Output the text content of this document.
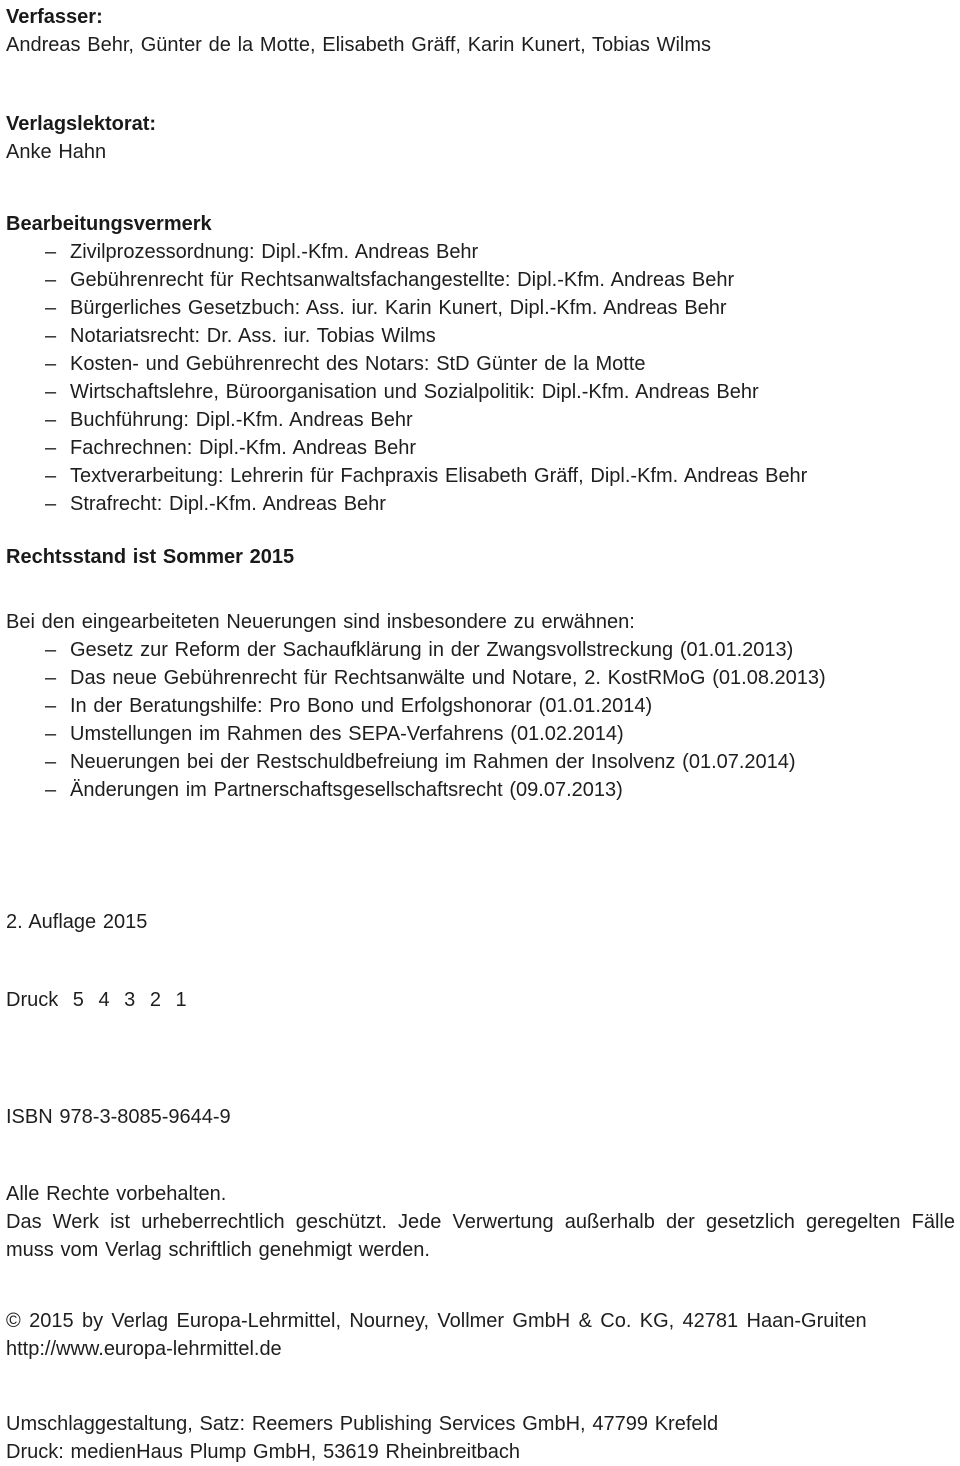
Verfasser:
Andreas Behr, Günter de la Motte, Elisabeth Gräff, Karin Kunert, Tobias Wilms
Verlagslektorat:
Anke Hahn
Bearbeitungsvermerk
– Zivilprozessordnung: Dipl.-Kfm. Andreas Behr
– Gebührenrecht für Rechtsanwaltsfachangestellte: Dipl.-Kfm. Andreas Behr
– Bürgerliches Gesetzbuch: Ass. iur. Karin Kunert, Dipl.-Kfm. Andreas Behr
– Notariatsrecht: Dr. Ass. iur. Tobias Wilms
– Kosten- und Gebührenrecht des Notars: StD Günter de la Motte
– Wirtschaftslehre, Büroorganisation und Sozialpolitik: Dipl.-Kfm. Andreas Behr
– Buchführung: Dipl.-Kfm. Andreas Behr
– Fachrechnen: Dipl.-Kfm. Andreas Behr
– Textverarbeitung: Lehrerin für Fachpraxis Elisabeth Gräff, Dipl.-Kfm. Andreas Behr
– Strafrecht: Dipl.-Kfm. Andreas Behr
Rechtsstand ist Sommer 2015
Bei den eingearbeiteten Neuerungen sind insbesondere zu erwähnen:
– Gesetz zur Reform der Sachaufklärung in der Zwangsvollstreckung (01.01.2013)
– Das neue Gebührenrecht für Rechtsanwälte und Notare, 2. KostRMoG (01.08.2013)
– In der Beratungshilfe: Pro Bono und Erfolgshonorar (01.01.2014)
– Umstellungen im Rahmen des SEPA-Verfahrens (01.02.2014)
– Neuerungen bei der Restschuldbefreiung im Rahmen der Insolvenz (01.07.2014)
– Änderungen im Partnerschaftsgesellschaftsrecht (09.07.2013)
2. Auflage 2015
Druck 5 4 3 2 1
ISBN 978-3-8085-9644-9
Alle Rechte vorbehalten.
Das Werk ist urheberrechtlich geschützt. Jede Verwertung außerhalb der gesetzlich geregelten Fälle muss vom Verlag schriftlich genehmigt werden.
© 2015 by Verlag Europa-Lehrmittel, Nourney, Vollmer GmbH & Co. KG, 42781 Haan-Gruiten
http://www.europa-lehrmittel.de
Umschlaggestaltung, Satz: Reemers Publishing Services GmbH, 47799 Krefeld
Druck: medienHaus Plump GmbH, 53619 Rheinbreitbach
